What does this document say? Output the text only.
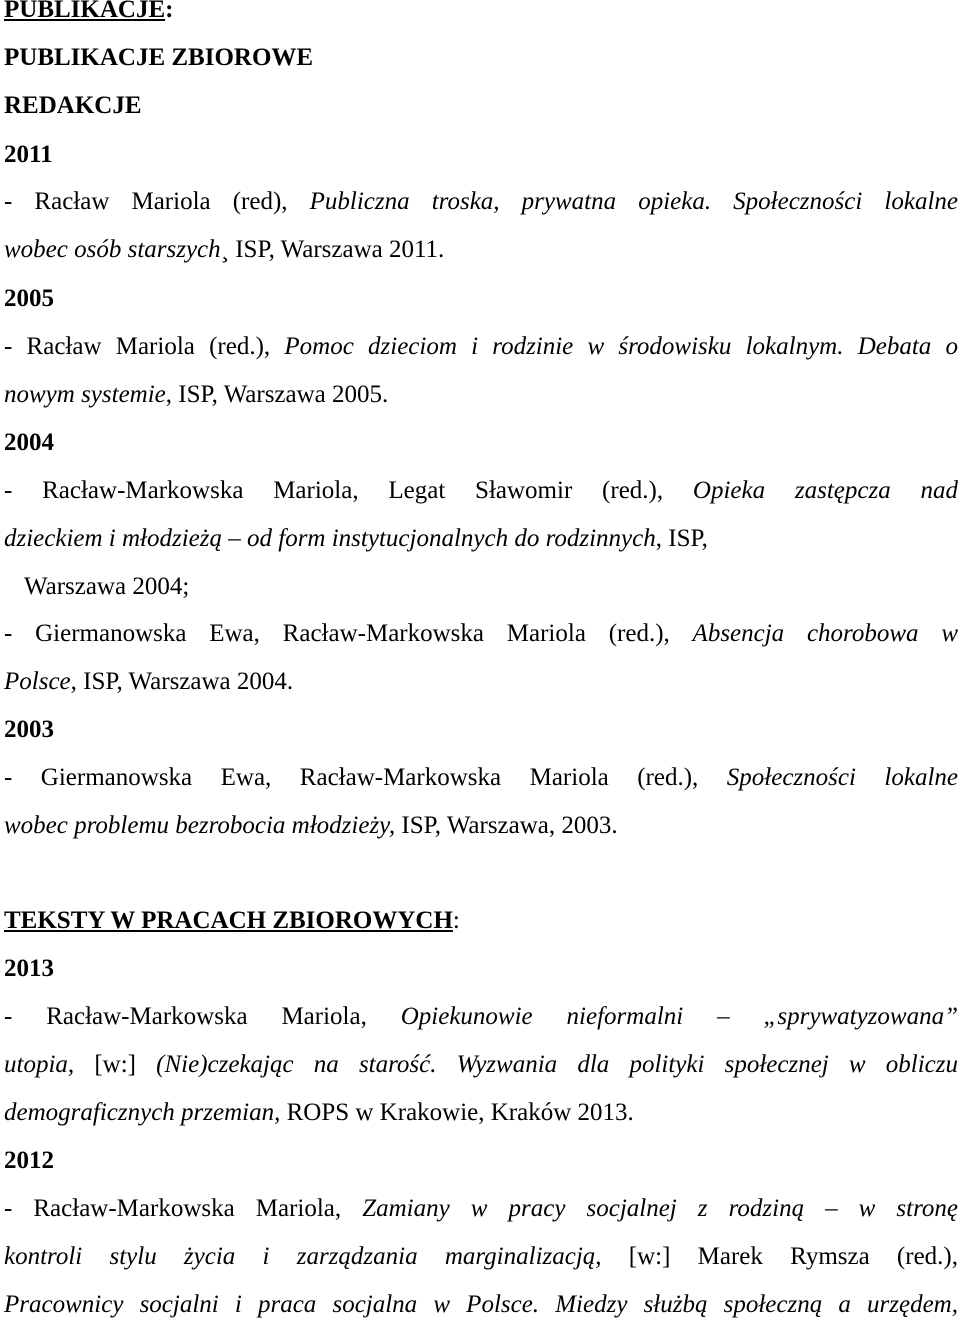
PUBLIKACJE:
PUBLIKACJE ZBIOROWE
REDAKCJE
2011
- Racław Mariola (red), Publiczna troska, prywatna opieka. Społeczności lokalne
wobec osób starszych¸ ISP, Warszawa 2011.
2005
- Racław Mariola (red.), Pomoc dzieciom i rodzinie w środowisku lokalnym. Debata o
nowym systemie, ISP, Warszawa 2005.
2004
- Racław-Markowska Mariola, Legat Sławomir (red.), Opieka zastępcza nad
dzieckiem i młodzieżą – od form instytucjonalnych do rodzinnych, ISP,
Warszawa 2004;
- Giermanowska Ewa, Racław-Markowska Mariola (red.), Absencja chorobowa w
Polsce, ISP, Warszawa 2004.
2003
- Giermanowska Ewa, Racław-Markowska Mariola (red.), Społeczności lokalne
wobec problemu bezrobocia młodzieży, ISP, Warszawa, 2003.
TEKSTY W PRACACH ZBIOROWYCH:
2013
- Racław-Markowska Mariola, Opiekunowie nieformalni – „sprywatyzowana”
utopia, [w:] (Nie)czekając na starość. Wyzwania dla polityki społecznej w obliczu
demograficznych przemian, ROPS w Krakowie, Kraków 2013.
2012
- Racław-Markowska Mariola, Zamiany w pracy socjalnej z rodziną – w stronę
kontroli stylu życia i zarządzania marginalizacją, [w:] Marek Rymsza (red.),
Pracownicy socjalni i praca socjalna w Polsce. Miedzy służbą społeczną a urzędem,
